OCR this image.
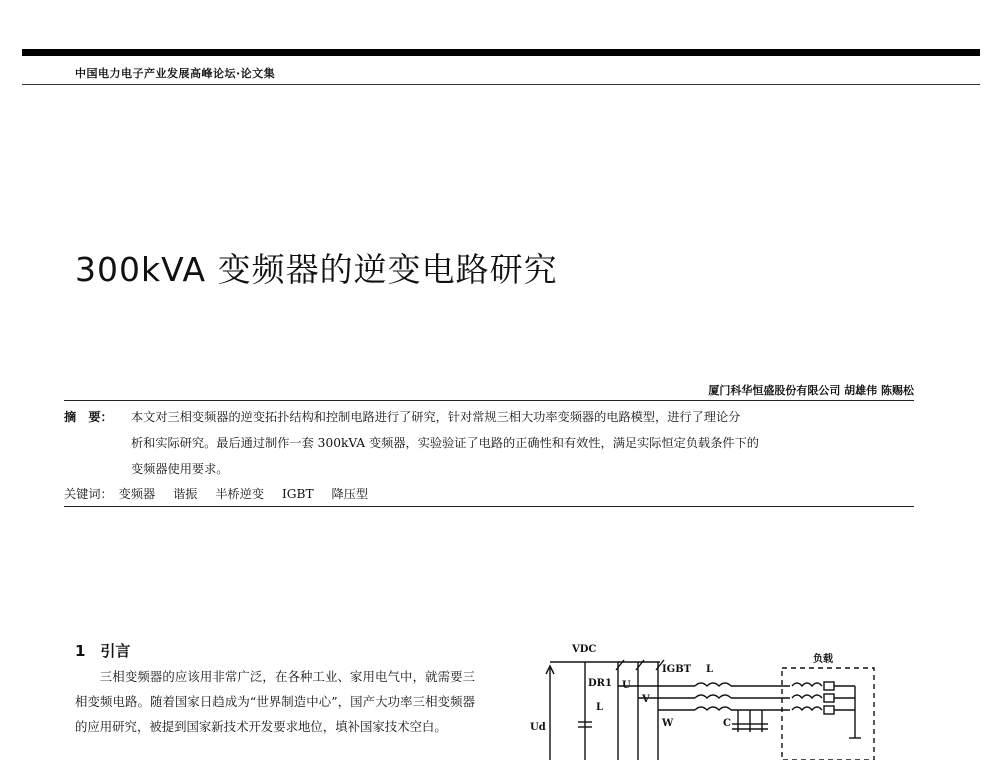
中国电力电子产业发展高峰论坛·论文集
300kVA 变频器的逆变电路研究
厦门科华恒盛股份有限公司 胡雄伟 陈赐松
摘　要：	本文对三相变频器的逆变拓扑结构和控制电路进行了研究，针对常规三相大功率变频器的电路模型，进行了理论分
析和实际研究。最后通过制作一套 300kVA 变频器，实验验证了电路的正确性和有效性，满足实际恒定负载条件下的
变频器使用要求。
关键词： 变频器 谐振 半桥逆变 IGBT 降压型
1　引言

三相变频器的应该用非常广泛，在各种工业、家用电气中，就需要三相变频电路。随着国家日趋成为“世界制造中心”，国产大功率三相变频器的应用研究，被提到国家新技术开发要求地位，填补国家技术空白。

VDC
Ud
DR1
L
U
V
W
IGBT L
C
负载
